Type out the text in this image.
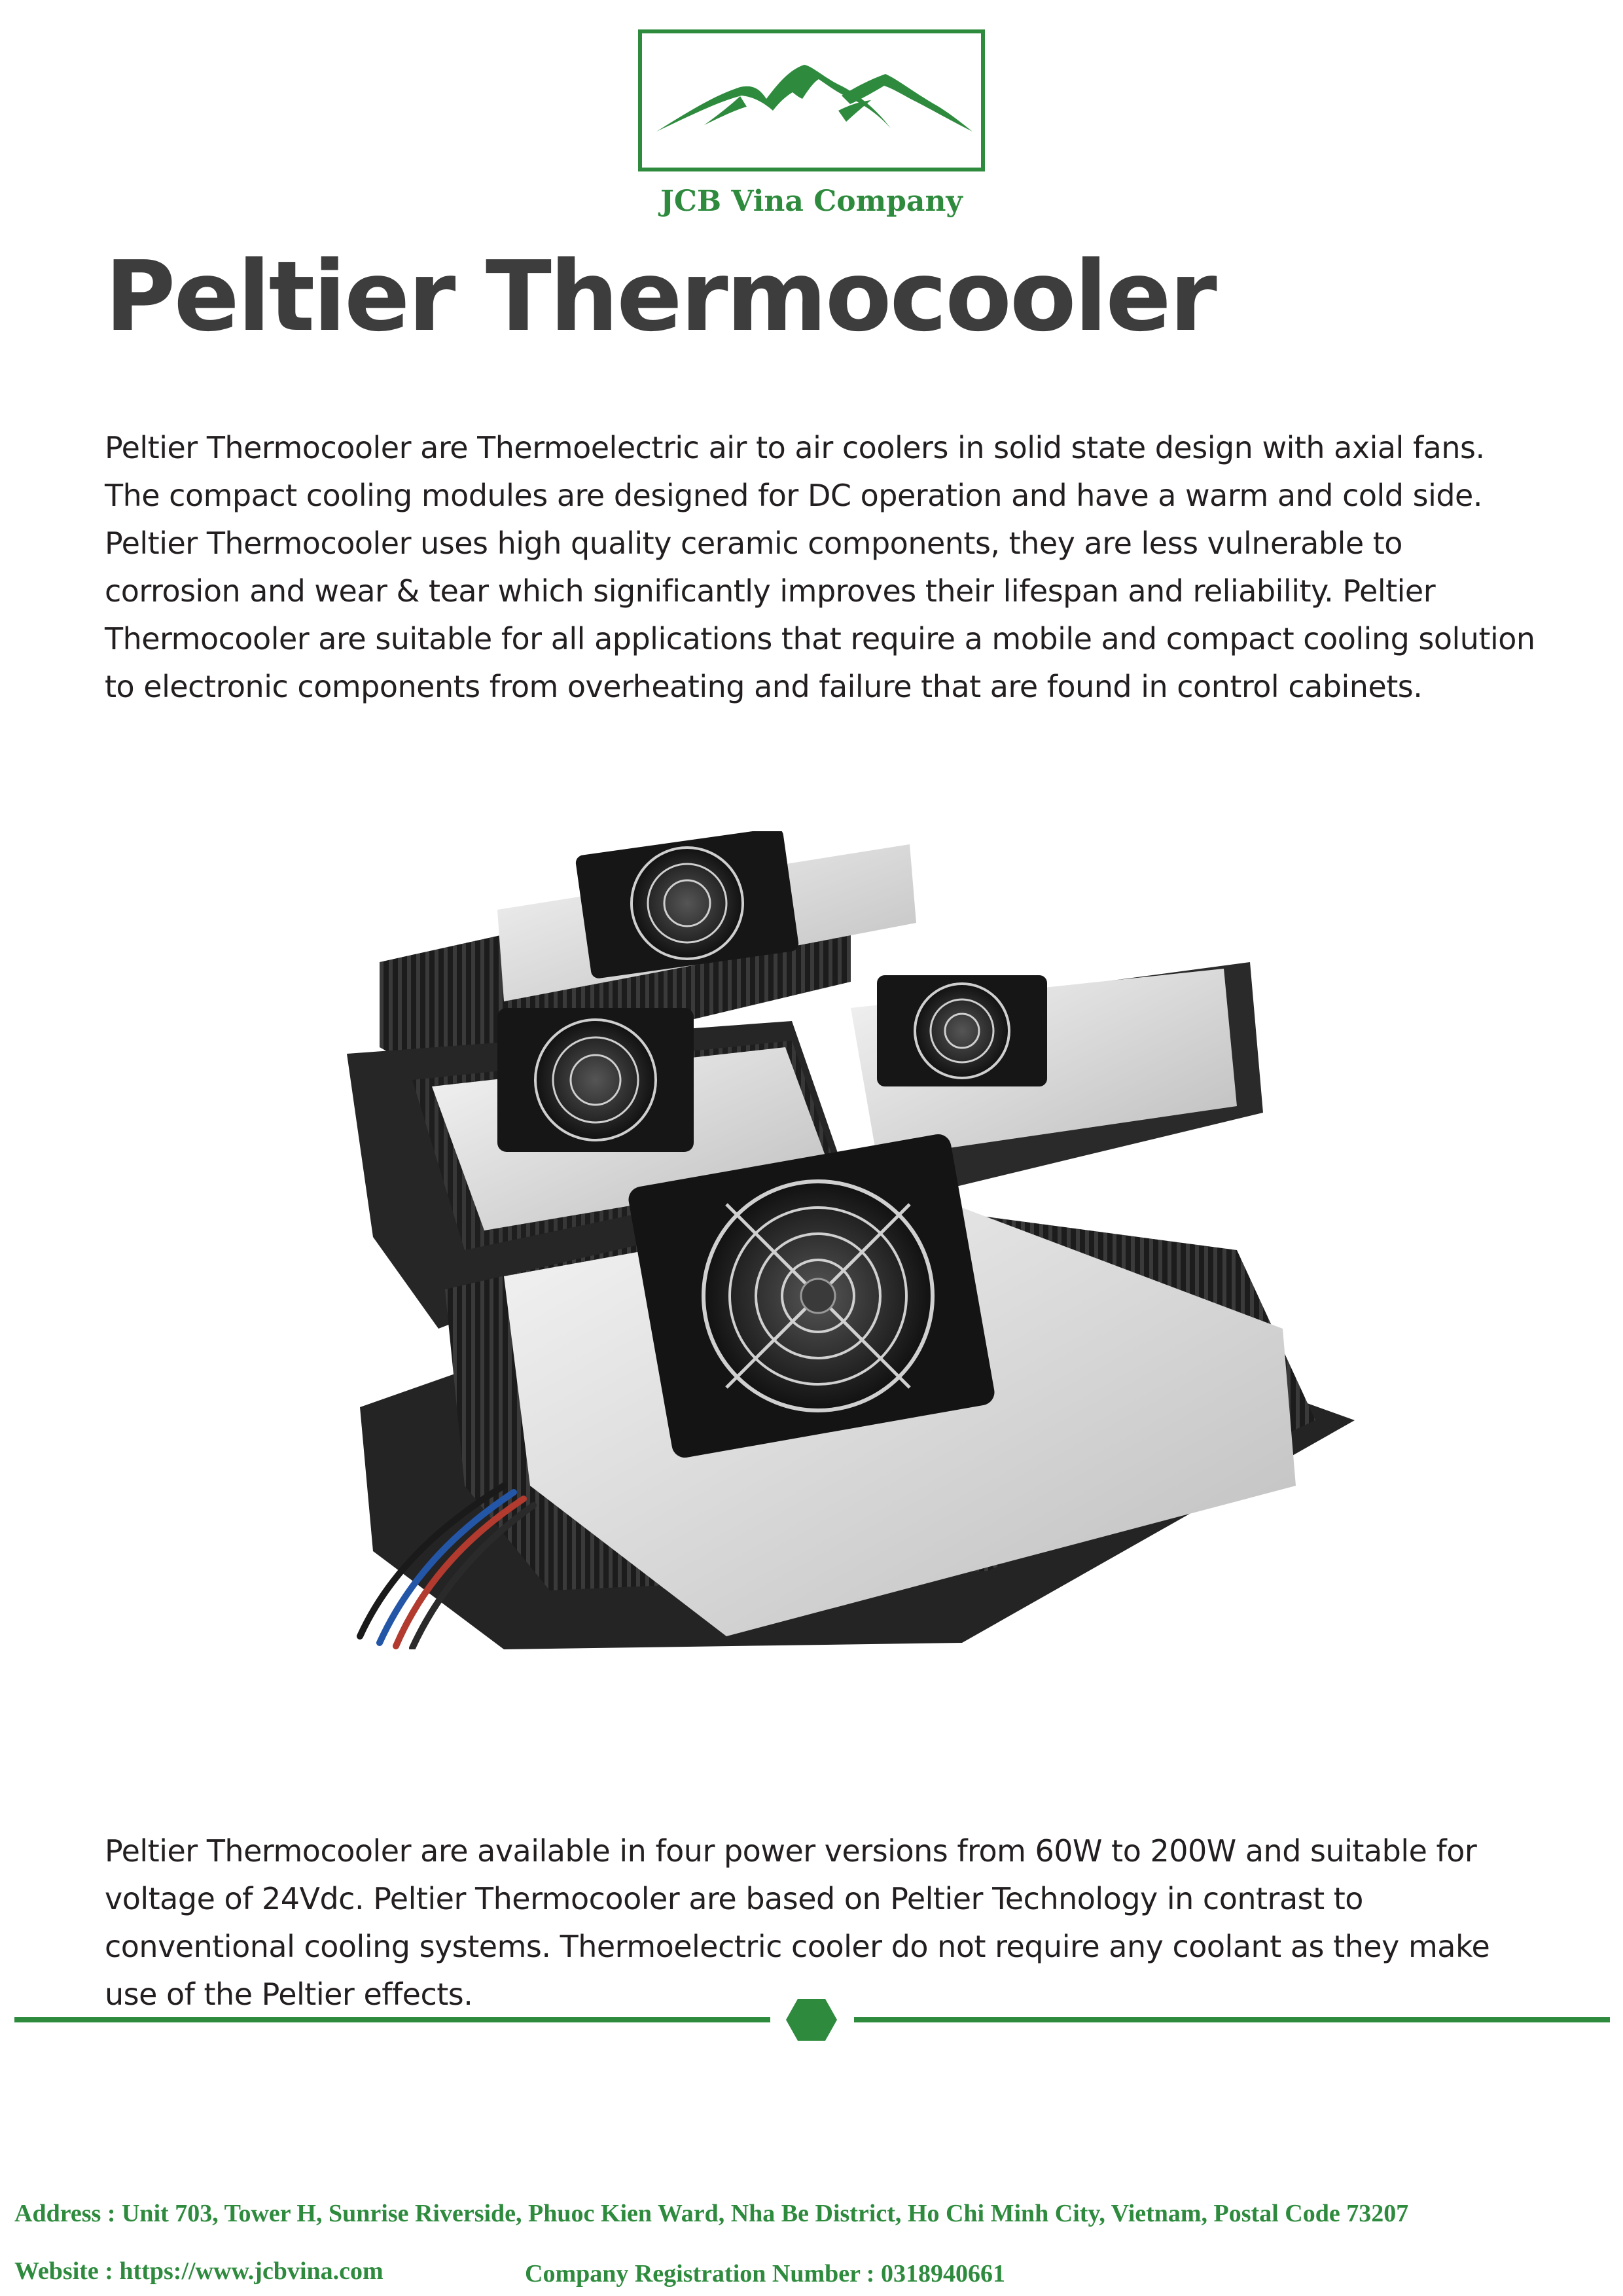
JCB Vina Company
Peltier Thermocooler

Peltier Thermocooler are Thermoelectric air to air coolers in solid state design with axial fans. The compact cooling modules are designed for DC operation and have a warm and cold side. Peltier Thermocooler uses high quality ceramic components, they are less vulnerable to corrosion and wear & tear which significantly improves their lifespan and reliability. Peltier Thermocooler are suitable for all applications that require a mobile and compact cooling solution to electronic components from overheating and failure that are found in control cabinets.

Peltier Thermocooler are available in four power versions from 60W to 200W and suitable for voltage of 24Vdc. Peltier Thermocooler are based on Peltier Technology in contrast to conventional cooling systems. Thermoelectric cooler do not require any coolant as they make use of the Peltier effects.

Address : Unit 703, Tower H, Sunrise Riverside, Phuoc Kien Ward, Nha Be District, Ho Chi Minh City, Vietnam, Postal Code 73207
Website : https://www.jcbvina.com	Company Registration Number : 0318940661
